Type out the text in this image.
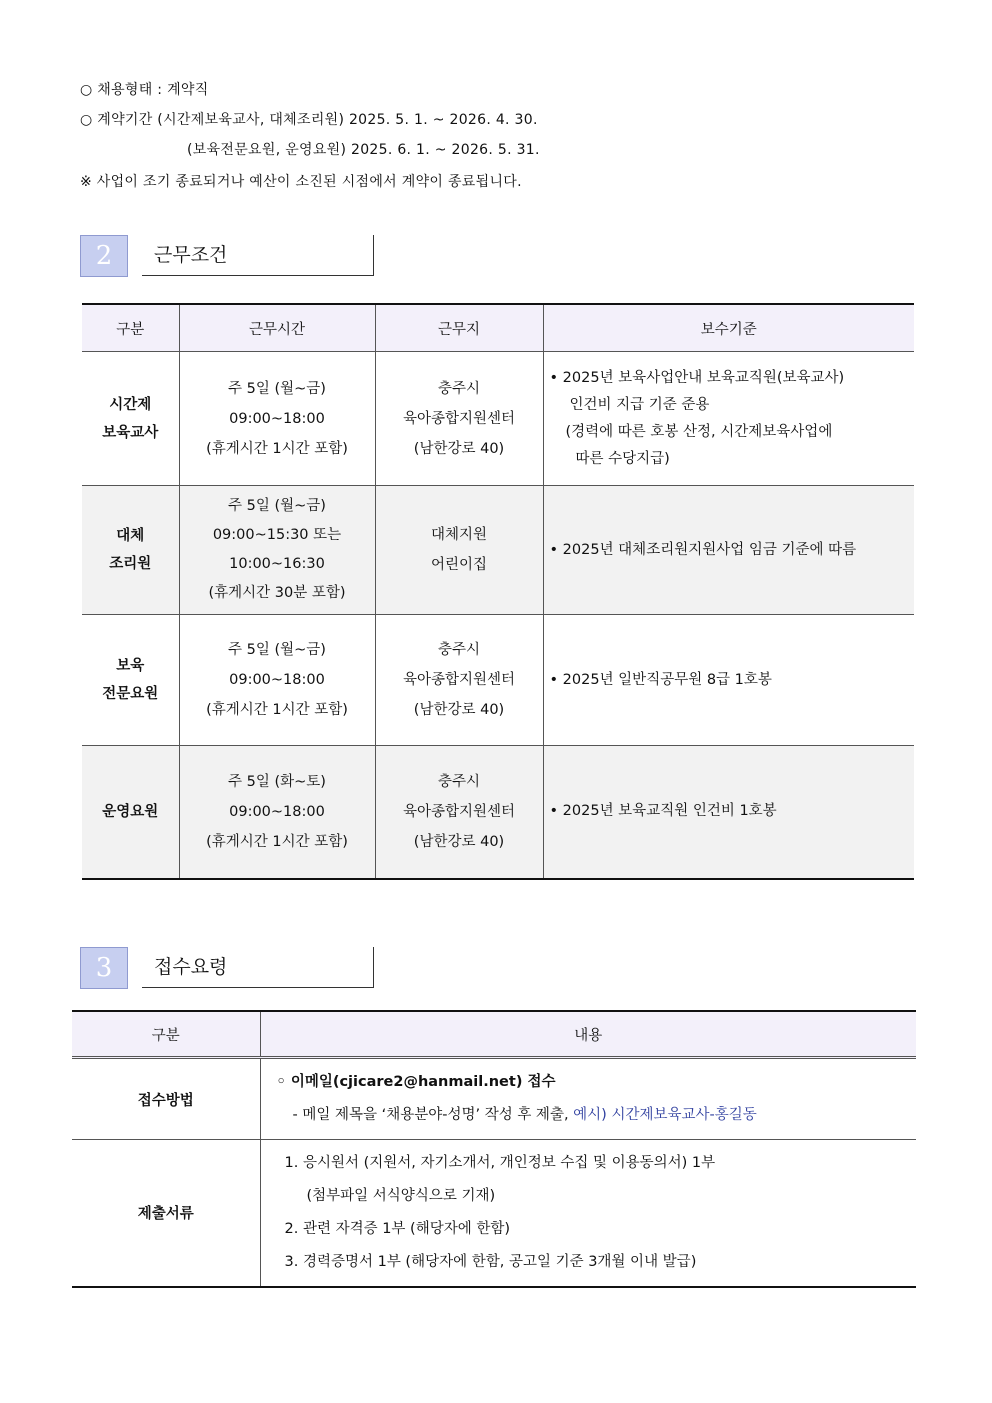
○ 채용형태 : 계약직
○ 계약기간 (시간제보육교사, 대체조리원) 2025. 5. 1. ~ 2026. 4. 30.
(보육전문요원, 운영요원) 2025. 6. 1. ~ 2026. 5. 31.
※ 사업이 조기 종료되거나 예산이 소진된 시점에서 계약이 종료됩니다.
2	근무조건
구분	근무시간	근무지	보수기준

시간제
보육교사	주 5일 (월~금)
09:00~18:00
(휴게시간 1시간 포함)	충주시
육아종합지원센터
(남한강로 40)	• 2025년 보육사업안내 보육교직원(보육교사)
인건비 지급 기준 준용
(경력에 따른 호봉 산정, 시간제보육사업에
따른 수당지급)

대체
조리원	주 5일 (월~금)
09:00~15:30 또는
10:00~16:30
(휴게시간 30분 포함)	대체지원
어린이집	• 2025년 대체조리원지원사업 임금 기준에 따름

보육
전문요원	주 5일 (월~금)
09:00~18:00
(휴게시간 1시간 포함)	충주시
육아종합지원센터
(남한강로 40)	• 2025년 일반직공무원 8급 1호봉

운영요원	주 5일 (화~토)
09:00~18:00
(휴게시간 1시간 포함)	충주시
육아종합지원센터
(남한강로 40)	• 2025년 보육교직원 인건비 1호봉
3	접수요령
구분	내용
접수방법	◦ 이메일(cjicare2@hanmail.net) 접수
- 메일 제목을 ‘채용분야-성명’ 작성 후 제출, 예시) 시간제보육교사-홍길동

제출서류	1. 응시원서 (지원서, 자기소개서, 개인정보 수집 및 이용동의서) 1부
(첨부파일 서식양식으로 기재)
2. 관련 자격증 1부 (해당자에 한함)
3. 경력증명서 1부 (해당자에 한함, 공고일 기준 3개월 이내 발급)
